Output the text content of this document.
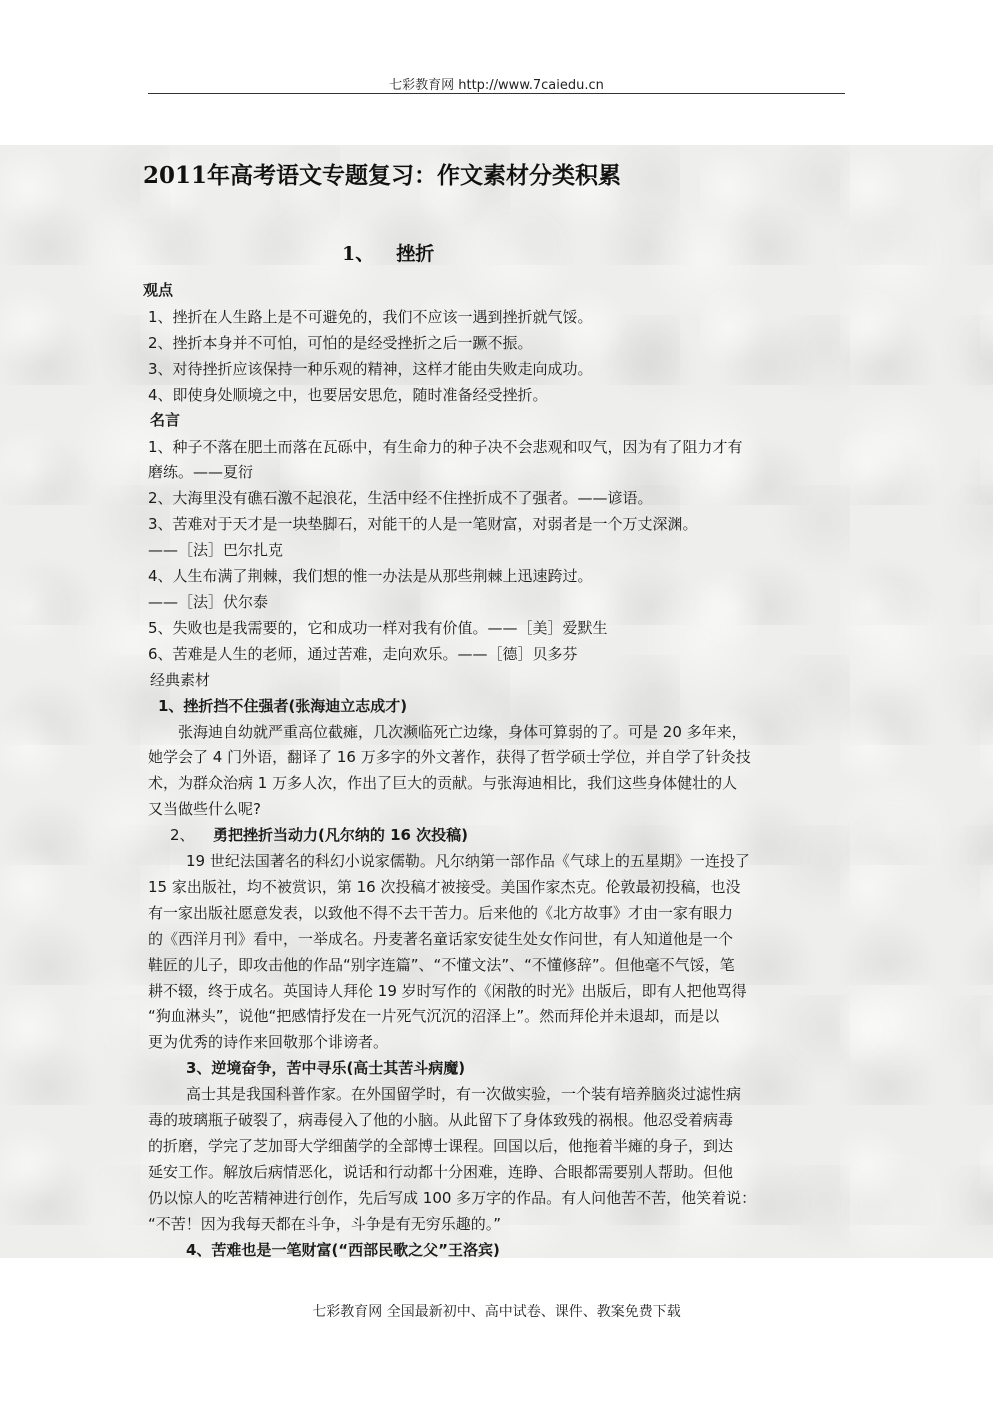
七彩教育网 http://www.7caiedu.cn
2011年高考语文专题复习：作文素材分类积累
1、 挫折
观点
1、挫折在人生路上是不可避免的，我们不应该一遇到挫折就气馁。
2、挫折本身并不可怕，可怕的是经受挫折之后一蹶不振。
3、对待挫折应该保持一种乐观的精神，这样才能由失败走向成功。
4、即使身处顺境之中，也要居安思危，随时准备经受挫折。
名言
1、种子不落在肥土而落在瓦砾中，有生命力的种子决不会悲观和叹气，因为有了阻力才有
磨练。——夏衍
2、大海里没有礁石激不起浪花，生活中经不住挫折成不了强者。——谚语。
3、苦难对于天才是一块垫脚石，对能干的人是一笔财富，对弱者是一个万丈深渊。
——［法］巴尔扎克
4、人生布满了荆棘，我们想的惟一办法是从那些荆棘上迅速跨过。
——［法］伏尔泰
5、失败也是我需要的，它和成功一样对我有价值。——［美］爱默生
6、苦难是人生的老师，通过苦难，走向欢乐。——［德］贝多芬
经典素材
1、挫折挡不住强者(张海迪立志成才)
张海迪自幼就严重高位截瘫，几次濒临死亡边缘，身体可算弱的了。可是 20 多年来，
她学会了 4 门外语，翻译了 16 万多字的外文著作，获得了哲学硕士学位，并自学了针灸技
术，为群众治病 1 万多人次，作出了巨大的贡献。与张海迪相比，我们这些身体健壮的人
又当做些什么呢?
2、 勇把挫折当动力(凡尔纳的 16 次投稿)
19 世纪法国著名的科幻小说家儒勒。凡尔纳第一部作品《气球上的五星期》一连投了
15 家出版社，均不被赏识，第 16 次投稿才被接受。美国作家杰克。伦敦最初投稿，也没
有一家出版社愿意发表，以致他不得不去干苦力。后来他的《北方故事》才由一家有眼力
的《西洋月刊》看中，一举成名。丹麦著名童话家安徒生处女作问世，有人知道他是一个
鞋匠的儿子，即攻击他的作品“别字连篇”、“不懂文法”、“不懂修辞”。但他毫不气馁，笔
耕不辍，终于成名。英国诗人拜伦 19 岁时写作的《闲散的时光》出版后，即有人把他骂得
“狗血淋头”，说他“把感情抒发在一片死气沉沉的沼泽上”。然而拜伦并未退却，而是以
更为优秀的诗作来回敬那个诽谤者。
3、逆境奋争，苦中寻乐(高士其苦斗病魔)
高士其是我国科普作家。在外国留学时，有一次做实验，一个装有培养脑炎过滤性病
毒的玻璃瓶子破裂了，病毒侵入了他的小脑。从此留下了身体致残的祸根。他忍受着病毒
的折磨，学完了芝加哥大学细菌学的全部博士课程。回国以后，他拖着半瘫的身子，到达
延安工作。解放后病情恶化，说话和行动都十分困难，连睁、合眼都需要别人帮助。但他
仍以惊人的吃苦精神进行创作，先后写成 100 多万字的作品。有人问他苦不苦，他笑着说：
“不苦！因为我每天都在斗争，斗争是有无穷乐趣的。”
4、苦难也是一笔财富(“西部民歌之父”王洛宾)
七彩教育网 全国最新初中、高中试卷、课件、教案免费下载
